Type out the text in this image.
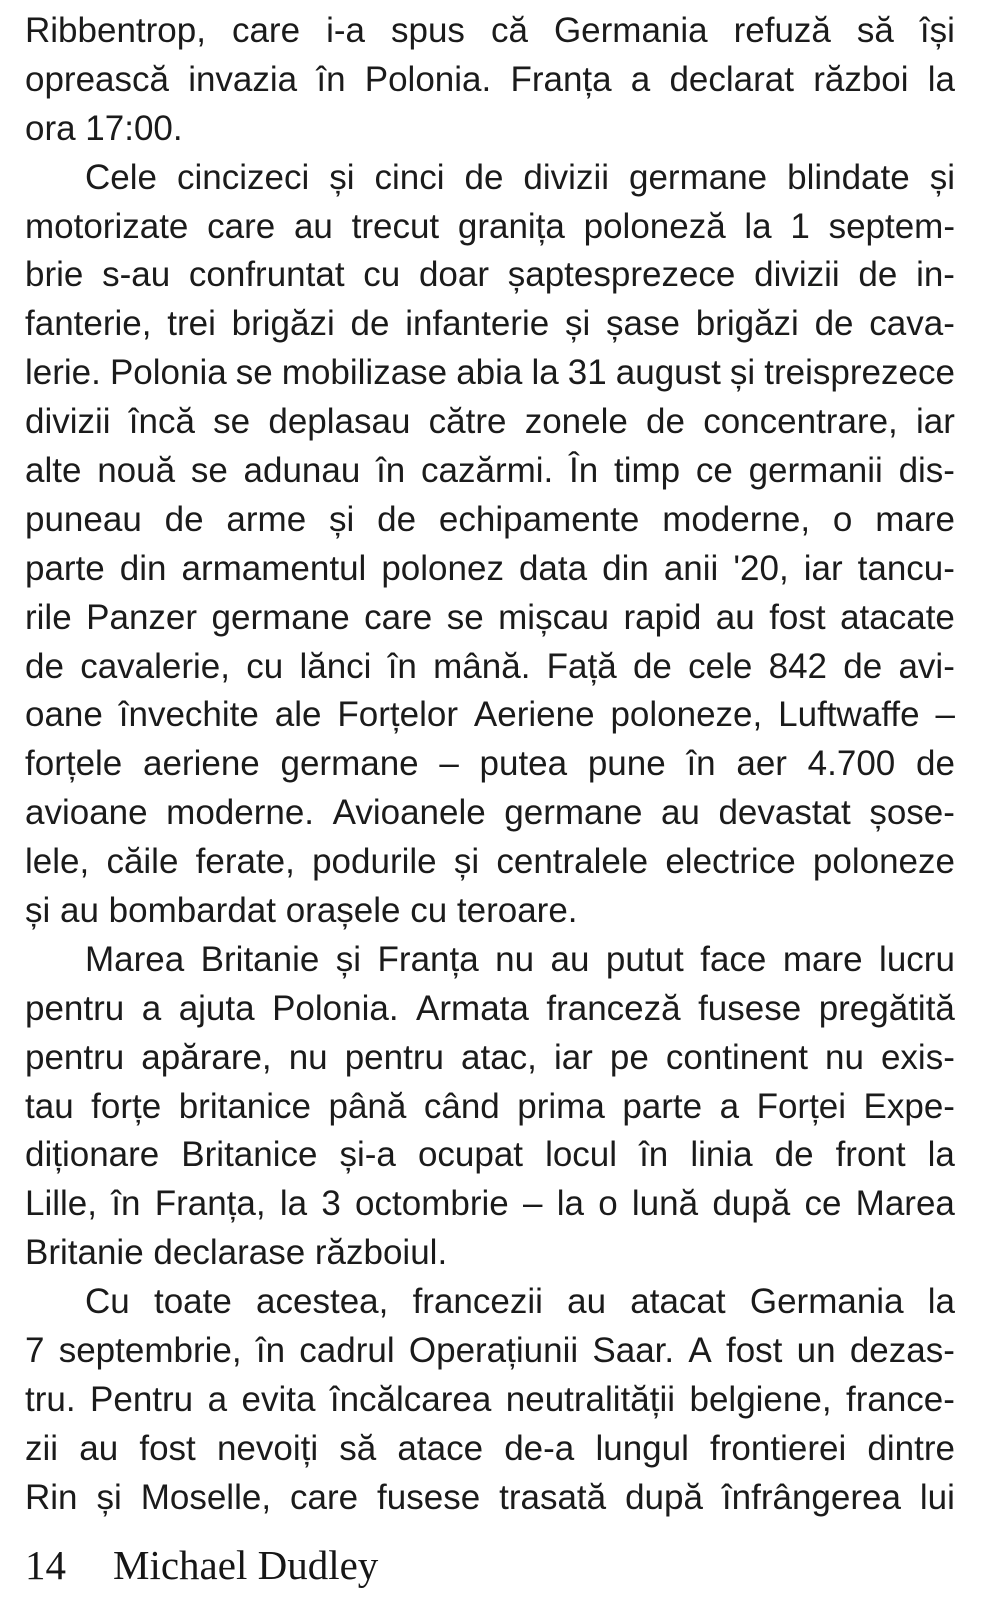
Ribbentrop, care i-a spus că Germania refuză să își
oprească invazia în Polonia. Franța a declarat război la
ora 17:00.
Cele cincizeci și cinci de divizii germane blindate și
motorizate care au trecut granița poloneză la 1 septem-
brie s-au confruntat cu doar șaptesprezece divizii de in-
fanterie, trei brigăzi de infanterie și șase brigăzi de cava-
lerie. Polonia se mobilizase abia la 31 august și treisprezece
divizii încă se deplasau către zonele de concentrare, iar
alte nouă se adunau în cazărmi. În timp ce germanii dis-
puneau de arme și de echipamente moderne, o mare
parte din armamentul polonez data din anii '20, iar tancu-
rile Panzer germane care se mișcau rapid au fost atacate
de cavalerie, cu lănci în mână. Față de cele 842 de avi-
oane învechite ale Forțelor Aeriene poloneze, Luftwaffe –
forțele aeriene germane – putea pune în aer 4.700 de
avioane moderne. Avioanele germane au devastat șose-
lele, căile ferate, podurile și centralele electrice poloneze
și au bombardat orașele cu teroare.
Marea Britanie și Franța nu au putut face mare lucru
pentru a ajuta Polonia. Armata franceză fusese pregătită
pentru apărare, nu pentru atac, iar pe continent nu exis-
tau forțe britanice până când prima parte a Forței Expe-
diționare Britanice și-a ocupat locul în linia de front la
Lille, în Franța, la 3 octombrie – la o lună după ce Marea
Britanie declarase războiul.
Cu toate acestea, francezii au atacat Germania la
7 septembrie, în cadrul Operațiunii Saar. A fost un dezas-
tru. Pentru a evita încălcarea neutralității belgiene, france-
zii au fost nevoiți să atace de-a lungul frontierei dintre
Rin și Moselle, care fusese trasată după înfrângerea lui
14 Michael Dudley
